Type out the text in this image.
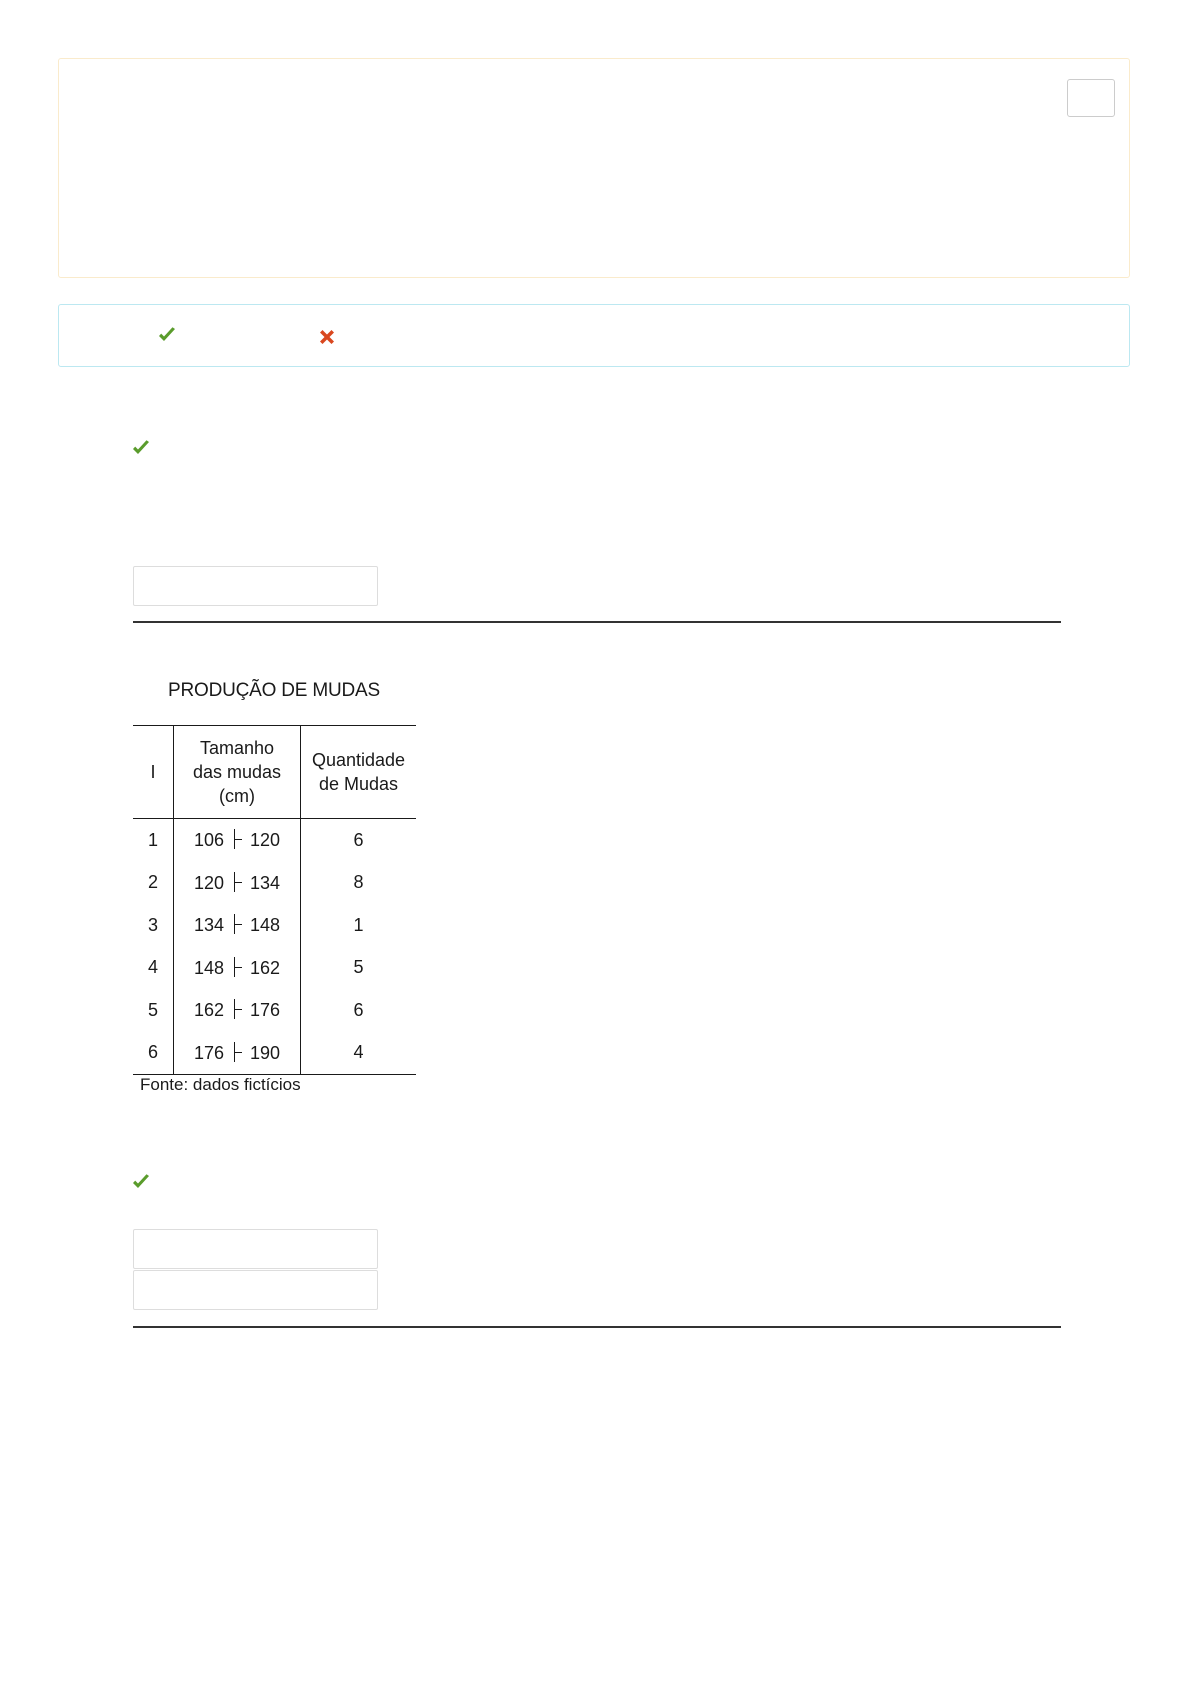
PRODUÇÃO DE MUDAS
I	Tamanho das mudas (cm)	Quantidade de Mudas
1	106 120	6
2	120 134	8
3	134 148	1
4	148 162	5
5	162 176	6
6	176 190	4
Fonte: dados fictícios
